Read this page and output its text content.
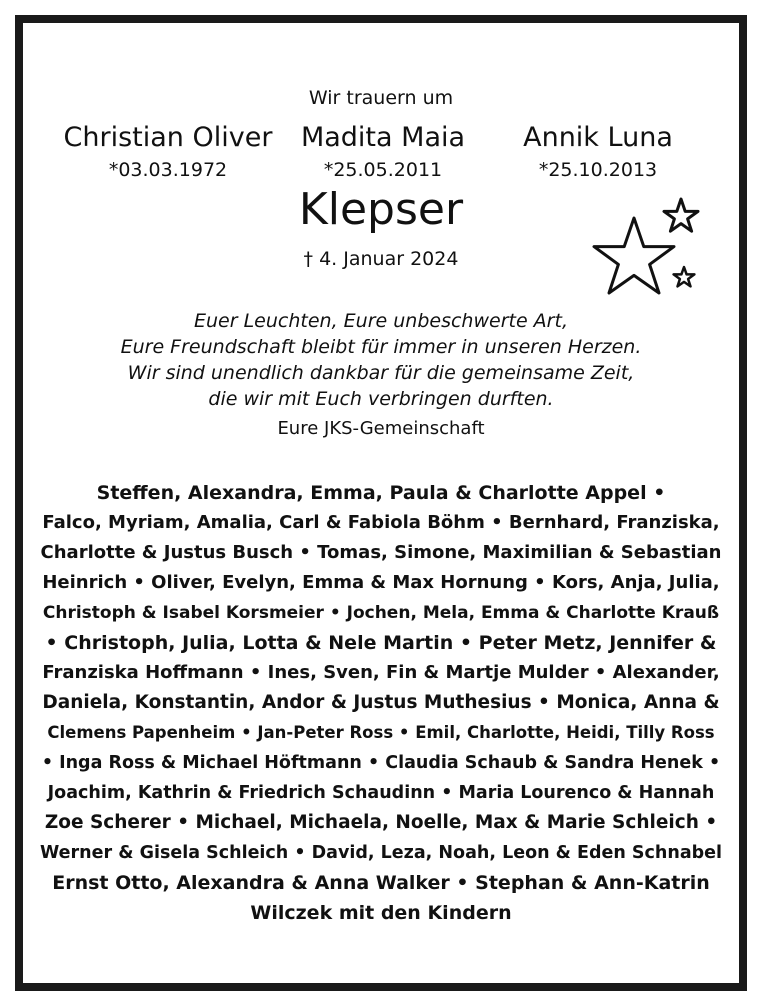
Wir trauern um
Christian Oliver
*03.03.1972
Madita Maia
*25.05.2011
Annik Luna
*25.10.2013
Klepser
† 4. Januar 2024
Euer Leuchten, Eure unbeschwerte Art,
Eure Freundschaft bleibt für immer in unseren Herzen.
Wir sind unendlich dankbar für die gemeinsame Zeit,
die wir mit Euch verbringen durften.
Eure JKS-Gemeinschaft
Steffen, Alexandra, Emma, Paula & Charlotte Appel •
Falco, Myriam, Amalia, Carl & Fabiola Böhm • Bernhard, Franziska,
Charlotte & Justus Busch • Tomas, Simone, Maximilian & Sebastian
Heinrich • Oliver, Evelyn, Emma & Max Hornung • Kors, Anja, Julia,
Christoph & Isabel Korsmeier • Jochen, Mela, Emma & Charlotte Krauß
• Christoph, Julia, Lotta & Nele Martin • Peter Metz, Jennifer &
Franziska Hoffmann • Ines, Sven, Fin & Martje Mulder • Alexander,
Daniela, Konstantin, Andor & Justus Muthesius • Monica, Anna &
Clemens Papenheim • Jan-Peter Ross • Emil, Charlotte, Heidi, Tilly Ross
• Inga Ross & Michael Höftmann • Claudia Schaub & Sandra Henek •
Joachim, Kathrin & Friedrich Schaudinn • Maria Lourenco & Hannah
Zoe Scherer • Michael, Michaela, Noelle, Max & Marie Schleich •
Werner & Gisela Schleich • David, Leza, Noah, Leon & Eden Schnabel
Ernst Otto, Alexandra & Anna Walker • Stephan & Ann-Katrin
Wilczek mit den Kindern
